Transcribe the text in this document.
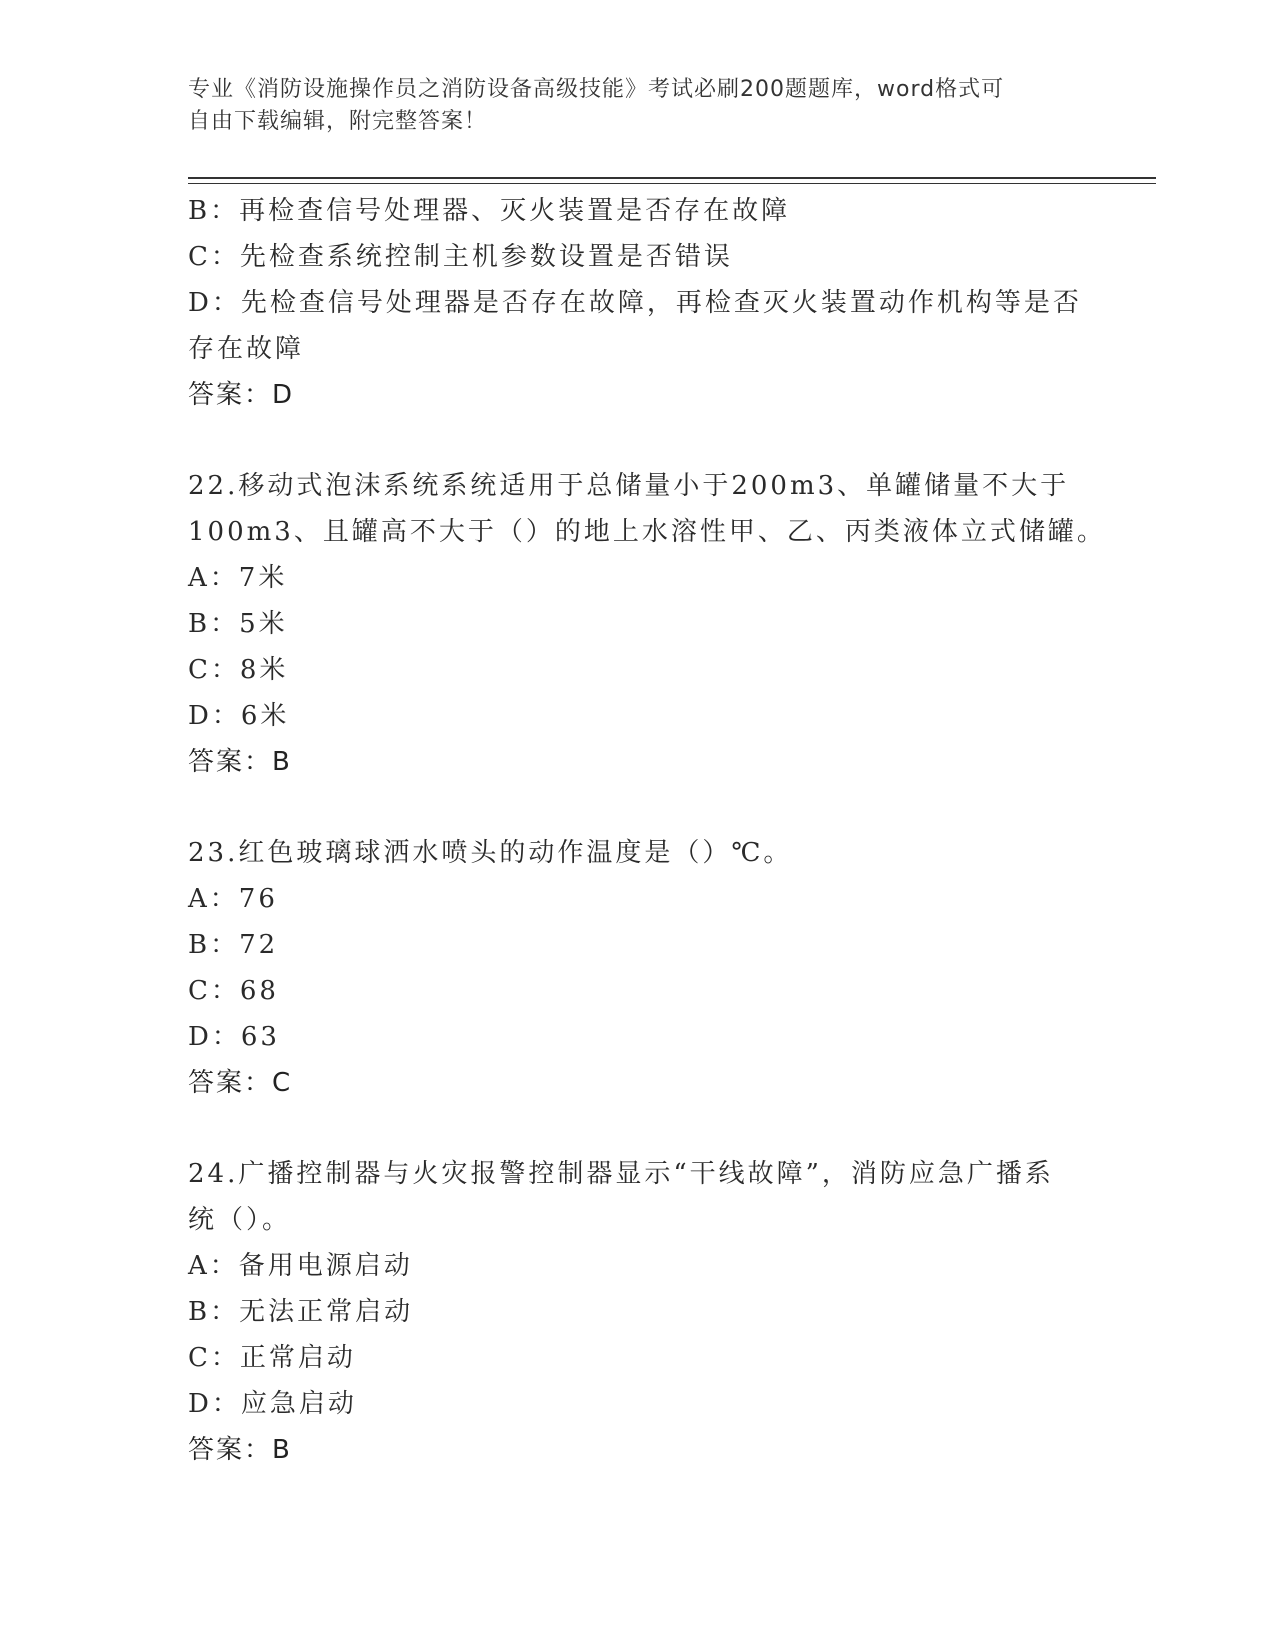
专业《消防设施操作员之消防设备高级技能》考试必刷200题题库，word格式可
自由下载编辑，附完整答案！
B：再检查信号处理器、灭火装置是否存在故障
C：先检查系统控制主机参数设置是否错误
D：先检查信号处理器是否存在故障，再检查灭火装置动作机构等是否
存在故障
答案：D
22.移动式泡沫系统系统适用于总储量小于200m3、单罐储量不大于
100m3、且罐高不大于（）的地上水溶性甲、乙、丙类液体立式储罐。
A：7米
B：5米
C：8米
D：6米
答案：B
23.红色玻璃球洒水喷头的动作温度是（）℃。
A：76
B：72
C：68
D：63
答案：C
24.广播控制器与火灾报警控制器显示“干线故障”，消防应急广播系
统（）。
A：备用电源启动
B：无法正常启动
C：正常启动
D：应急启动
答案：B
